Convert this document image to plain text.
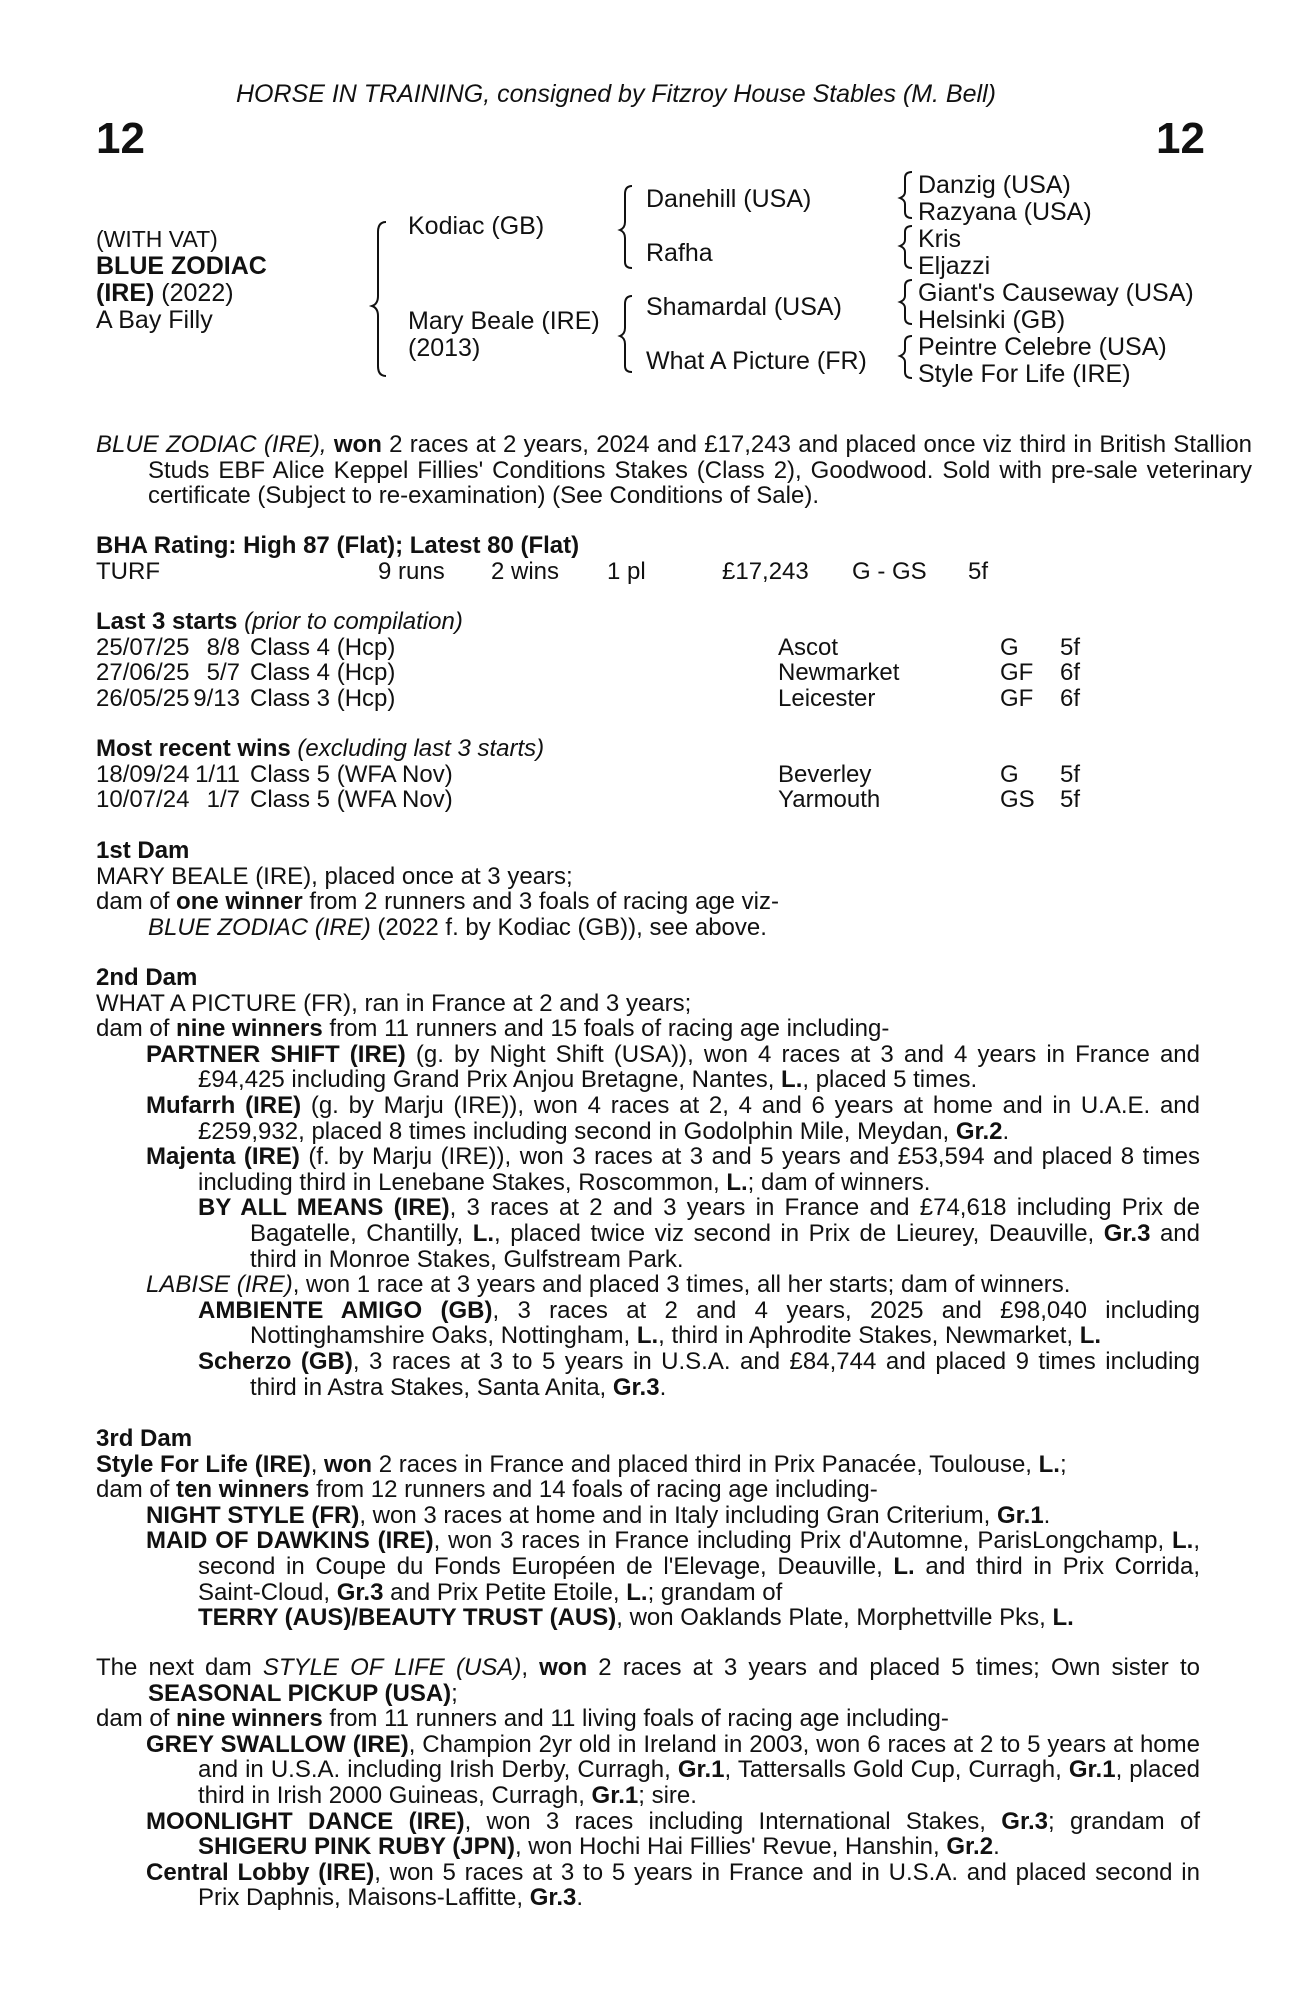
12	12
HORSE IN TRAINING, consigned by Fitzroy House Stables (M. Bell)
(WITH VAT)
BLUE ZODIAC
(IRE) (2022)
A Bay Filly
Kodiac (GB)
Mary Beale (IRE)
(2013)
Danehill (USA)
Rafha
Shamardal (USA)
What A Picture (FR)
Danzig (USA)
Razyana (USA)
Kris
Eljazzi
Giant's Causeway (USA)
Helsinki (GB)
Peintre Celebre (USA)
Style For Life (IRE)
BLUE ZODIAC (IRE), won 2 races at 2 years, 2024 and £17,243 and placed once viz third in British Stallion Studs EBF Alice Keppel Fillies' Conditions Stakes (Class 2), Goodwood. Sold with pre-sale veterinary certificate (Subject to re-examination) (See Conditions of Sale).
BHA Rating: High 87 (Flat); Latest 80 (Flat)
TURF	9 runs	2 wins	1 pl	£17,243	G - GS	5f
Last 3 starts (prior to compilation)
25/07/25	8/8	Class 4 (Hcp)	Ascot	G	5f
27/06/25	5/7	Class 4 (Hcp)	Newmarket	GF	6f
26/05/25	9/13	Class 3 (Hcp)	Leicester	GF	6f
Most recent wins (excluding last 3 starts)
18/09/24	1/11	Class 5 (WFA Nov)	Beverley	G	5f
10/07/24	1/7	Class 5 (WFA Nov)	Yarmouth	GS	5f

1st Dam

MARY BEALE (IRE), placed once at 3 years;

dam of one winner from 2 runners and 3 foals of racing age viz-

BLUE ZODIAC (IRE) (2022 f. by Kodiac (GB)), see above.

2nd Dam

WHAT A PICTURE (FR), ran in France at 2 and 3 years;

dam of nine winners from 11 runners and 15 foals of racing age including-

PARTNER SHIFT (IRE) (g. by Night Shift (USA)), won 4 races at 3 and 4 years in France and £94,425 including Grand Prix Anjou Bretagne, Nantes, L., placed 5 times.

Mufarrh (IRE) (g. by Marju (IRE)), won 4 races at 2, 4 and 6 years at home and in U.A.E. and £259,932, placed 8 times including second in Godolphin Mile, Meydan, Gr.2.

Majenta (IRE) (f. by Marju (IRE)), won 3 races at 3 and 5 years and £53,594 and placed 8 times including third in Lenebane Stakes, Roscommon, L.; dam of winners.

BY ALL MEANS (IRE), 3 races at 2 and 3 years in France and £74,618 including Prix de Bagatelle, Chantilly, L., placed twice viz second in Prix de Lieurey, Deauville, Gr.3 and third in Monroe Stakes, Gulfstream Park.

LABISE (IRE), won 1 race at 3 years and placed 3 times, all her starts; dam of winners.

AMBIENTE AMIGO (GB), 3 races at 2 and 4 years, 2025 and £98,040 including Nottinghamshire Oaks, Nottingham, L., third in Aphrodite Stakes, Newmarket, L.

Scherzo (GB), 3 races at 3 to 5 years in U.S.A. and £84,744 and placed 9 times including third in Astra Stakes, Santa Anita, Gr.3.

3rd Dam

Style For Life (IRE), won 2 races in France and placed third in Prix Panacée, Toulouse, L.;

dam of ten winners from 12 runners and 14 foals of racing age including-

NIGHT STYLE (FR), won 3 races at home and in Italy including Gran Criterium, Gr.1.

MAID OF DAWKINS (IRE), won 3 races in France including Prix d'Automne, ParisLongchamp, L., second in Coupe du Fonds Européen de l'Elevage, Deauville, L. and third in Prix Corrida, Saint-Cloud, Gr.3 and Prix Petite Etoile, L.; grandam of

TERRY (AUS)/BEAUTY TRUST (AUS), won Oaklands Plate, Morphettville Pks, L.

The next dam STYLE OF LIFE (USA), won 2 races at 3 years and placed 5 times; Own sister to SEASONAL PICKUP (USA);

dam of nine winners from 11 runners and 11 living foals of racing age including-

GREY SWALLOW (IRE), Champion 2yr old in Ireland in 2003, won 6 races at 2 to 5 years at home and in U.S.A. including Irish Derby, Curragh, Gr.1, Tattersalls Gold Cup, Curragh, Gr.1, placed third in Irish 2000 Guineas, Curragh, Gr.1; sire.

MOONLIGHT DANCE (IRE), won 3 races including International Stakes, Gr.3; grandam of SHIGERU PINK RUBY (JPN), won Hochi Hai Fillies' Revue, Hanshin, Gr.2.

Central Lobby (IRE), won 5 races at 3 to 5 years in France and in U.S.A. and placed second in Prix Daphnis, Maisons-Laffitte, Gr.3.
